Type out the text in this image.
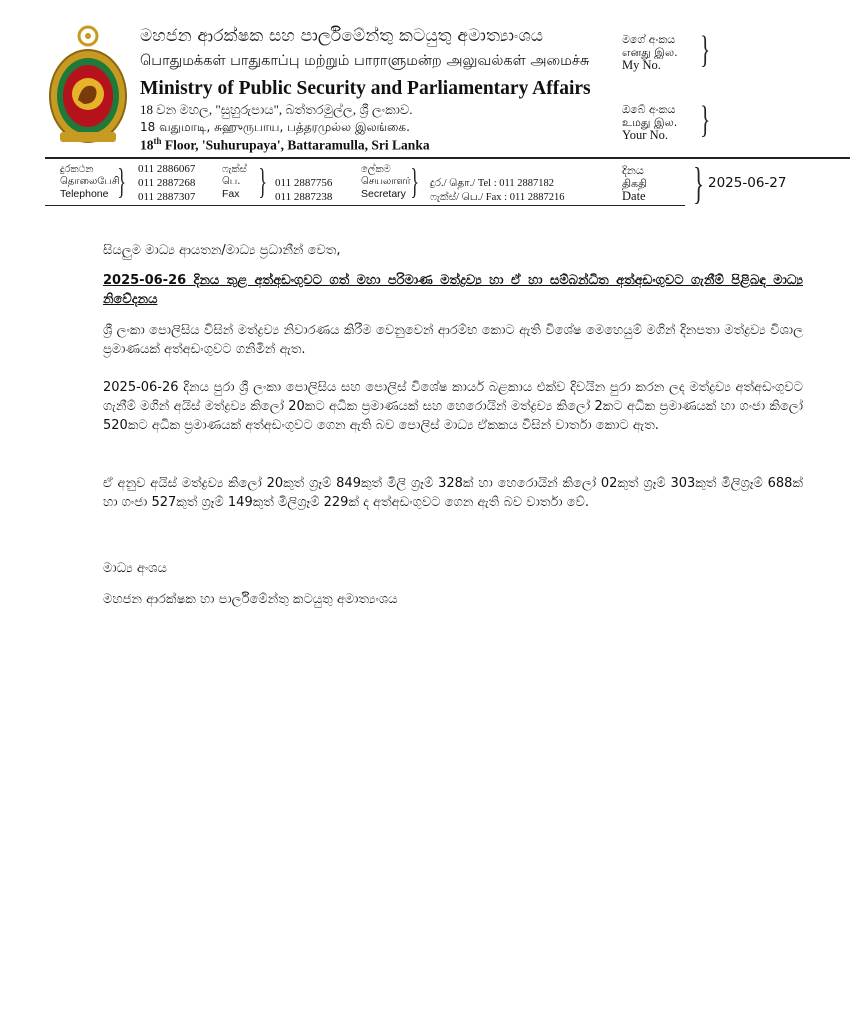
මහජන ආරක්ෂක සහ පාර්ලිමේන්තු කටයුතු අමාත්‍යාංශය
பொதுமக்கள் பாதுகாப்பு மற்றும் பாராளுமன்ற அலுவல்கள் அமைச்சு
Ministry of Public Security and Parliamentary Affairs
18 වන මහල, "සුහුරුපාය", බත්තරමුල්ල, ශ්‍රී ලංකාව.
18 வதுமாடி, சுஹுருபாய, பத்தரமுல்ல இலங்கை.
18th Floor, 'Suhurupaya', Battaramulla, Sri Lanka
මගේ අංකය
எனது இல.
My No.	}
ඔබේ අංකය
உமது இல.
Your No. }
දුරකථන
தொலைபேசி
Telephone } 011 2886067
011 2887268
011 2887307
ෆැක්ස්
பெ.
Fax } 011 2887756
011 2887238
ලේකම
செயலாளர்
Secretary } දුර./ தொ./ Tel : 011 2887182
ෆැක්ස්/ பெ./ Fax : 011 2887216
දිනය
திகதி
Date } 2025-06-27
සියලුම මාධ්‍ය ආයතන/මාධ්‍ය ප්‍රධානීන් වෙත,
2025-06-26 දිනය තුළ අත්අඩංගුවට ගත් මහා පරිමාණ මත්ද්‍රව්‍ය හා ඒ හා සම්බන්ධිත අත්අඩංගුවට ගැනීම් පිළිබඳ මාධ්‍ය නිවේදනය
ශ්‍රී ලංකා පොලිසිය විසින් මත්ද්‍රව්‍ය නිවාරණය කිරීම වෙනුවෙන් ආරම්භ කොට ඇති විශේෂ මෙහෙයුම් මගින් දිනපතා මත්ද්‍රව්‍ය විශාල ප්‍රමාණයක් අත්අඩංගුවට ගනිමින් ඇත.
2025-06-26 දිනය පුරා ශ්‍රී ලංකා පොලිසිය සහ පොලිස් විශේෂ කාර්ය බළකාය එක්ව දිවයින පුරා කරන ලද මත්ද්‍රව්‍ය අත්අඩංගුවට ගැනීම් මගින් අයිස් මත්ද්‍රව්‍ය කිලෝ 20කට අධික ප්‍රමාණයක් සහ හෙරොයින් මත්ද්‍රව්‍ය කිලෝ 2කට අධික ප්‍රමාණයක් හා ගංජා කිලෝ 520කට අධික ප්‍රමාණයක් අත්අඩංගුවට ගෙන ඇති බව පොලිස් මාධ්‍ය ඒකකය විසින් වාර්තා කොට ඇත.
ඒ අනුව අයිස් මත්ද්‍රව්‍ය කිලෝ 20කුත් ග්‍රෑම් 849කුත් මිලි ග්‍රෑම් 328ක් හා හෙරොයින් කිලෝ 02කුත් ග්‍රෑම් 303කුත් මිලිග්‍රෑම් 688ක් හා ගංජා 527කුත් ග්‍රෑම් 149කුත් මිලිග්‍රෑම් 229ක් ද අත්අඩංගුවට ගෙන ඇති බව වාර්තා වේ.
මාධ්‍ය අංශය
මහජන ආරක්ෂක හා පාර්ලිමේන්තු කටයුතු අමාත්‍යංශය
